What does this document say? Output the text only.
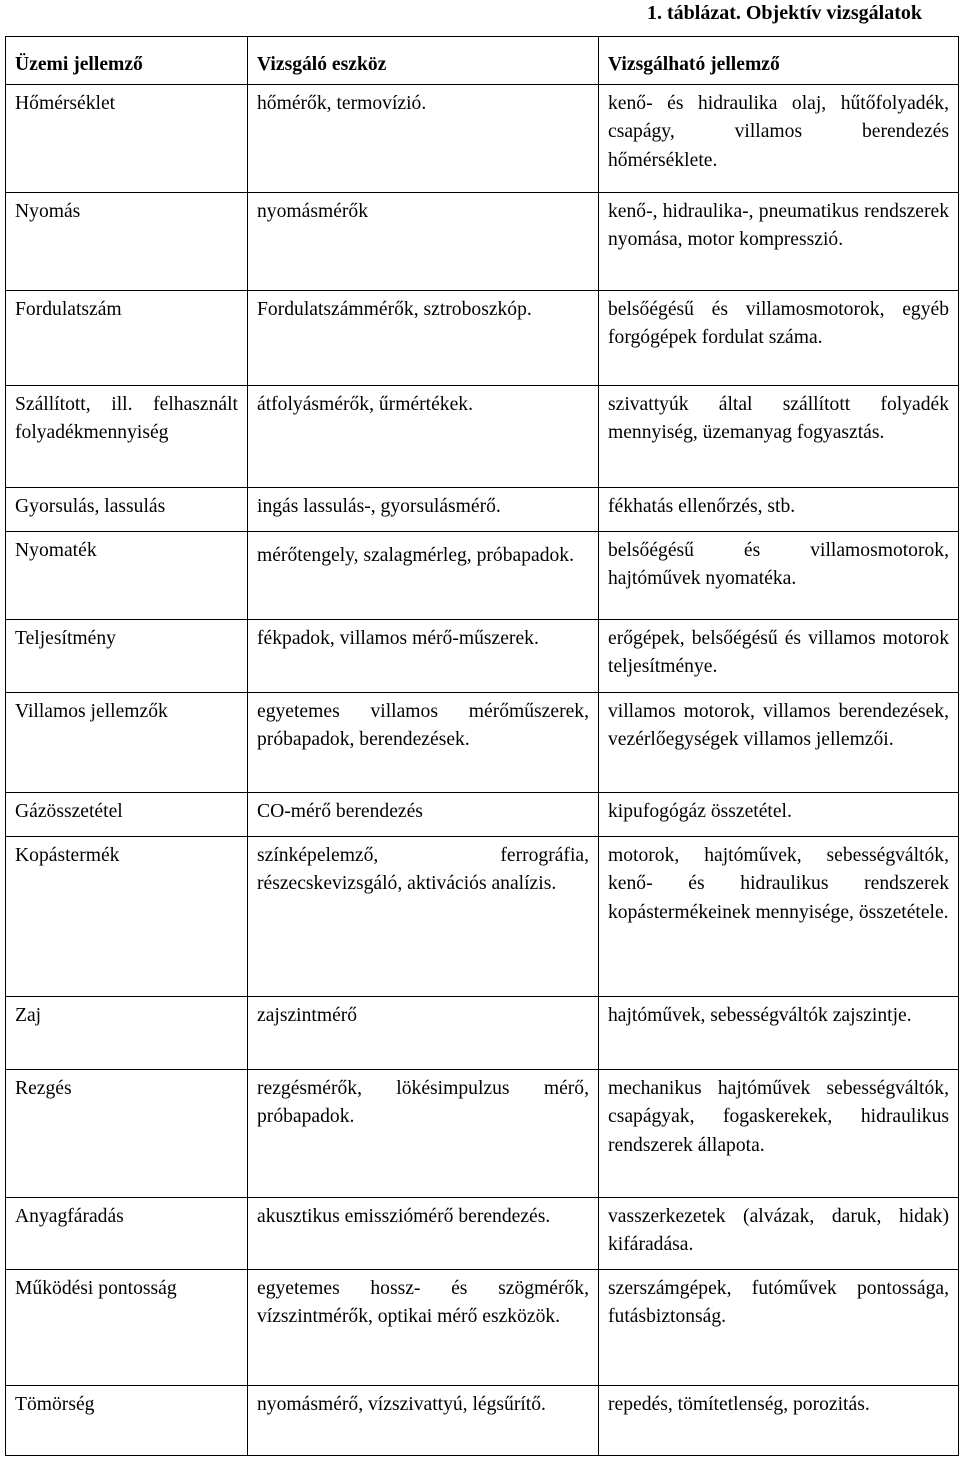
1. táblázat. Objektív vizsgálatok
Üzemi jellemző	Vizsgáló eszköz	Vizsgálható jellemző
Hőmérséklet	hőmérők, termovízió.	kenő- és hidraulika olaj, hűtőfolyadék, csapágy, villamos berendezés hőmérséklete.
Nyomás	nyomásmérők	kenő-, hidraulika-, pneumatikus rendszerek nyomása, motor kompresszió.
Fordulatszám	Fordulatszámmérők, sztroboszkóp.	belsőégésű és villamosmotorok, egyéb forgógépek fordulat száma.
Szállított, ill. felhasznált folyadékmennyiség	átfolyásmérők, űrmértékek.	szivattyúk által szállított folyadék mennyiség, üzemanyag fogyasztás.
Gyorsulás, lassulás	ingás lassulás-, gyorsulásmérő.	fékhatás ellenőrzés, stb.
Nyomaték	mérőtengely, szalagmérleg, próbapadok.	belsőégésű és villamosmotorok, hajtóművek nyomatéka.
Teljesítmény	fékpadok, villamos mérő-műszerek.	erőgépek, belsőégésű és villamos motorok teljesítménye.
Villamos jellemzők	egyetemes villamos mérőműszerek, próbapadok, berendezések.	villamos motorok, villamos berendezések, vezérlőegységek villamos jellemzői.
Gázösszetétel	CO-mérő berendezés	kipufogógáz összetétel.
Kopástermék	színképelemző, ferrográfia, részecskevizsgáló, aktivációs analízis.	motorok, hajtóművek, sebességváltók, kenő- és hidraulikus rendszerek kopástermékeinek mennyisége, összetétele.
Zaj	zajszintmérő	hajtóművek, sebességváltók zajszintje.
Rezgés	rezgésmérők, lökésimpulzus mérő, próbapadok.	mechanikus hajtóművek sebességváltók, csapágyak, fogaskerekek, hidraulikus rendszerek állapota.
Anyagfáradás	akusztikus emissziómérő berendezés.	vasszerkezetek (alvázak, daruk, hidak) kifáradása.
Működési pontosság	egyetemes hossz- és szögmérők, vízszintmérők, optikai mérő eszközök.	szerszámgépek, futóművek pontossága, futásbiztonság.
Tömörség	nyomásmérő, vízszivattyú, légsűrítő.	repedés, tömítetlenség, porozitás.
